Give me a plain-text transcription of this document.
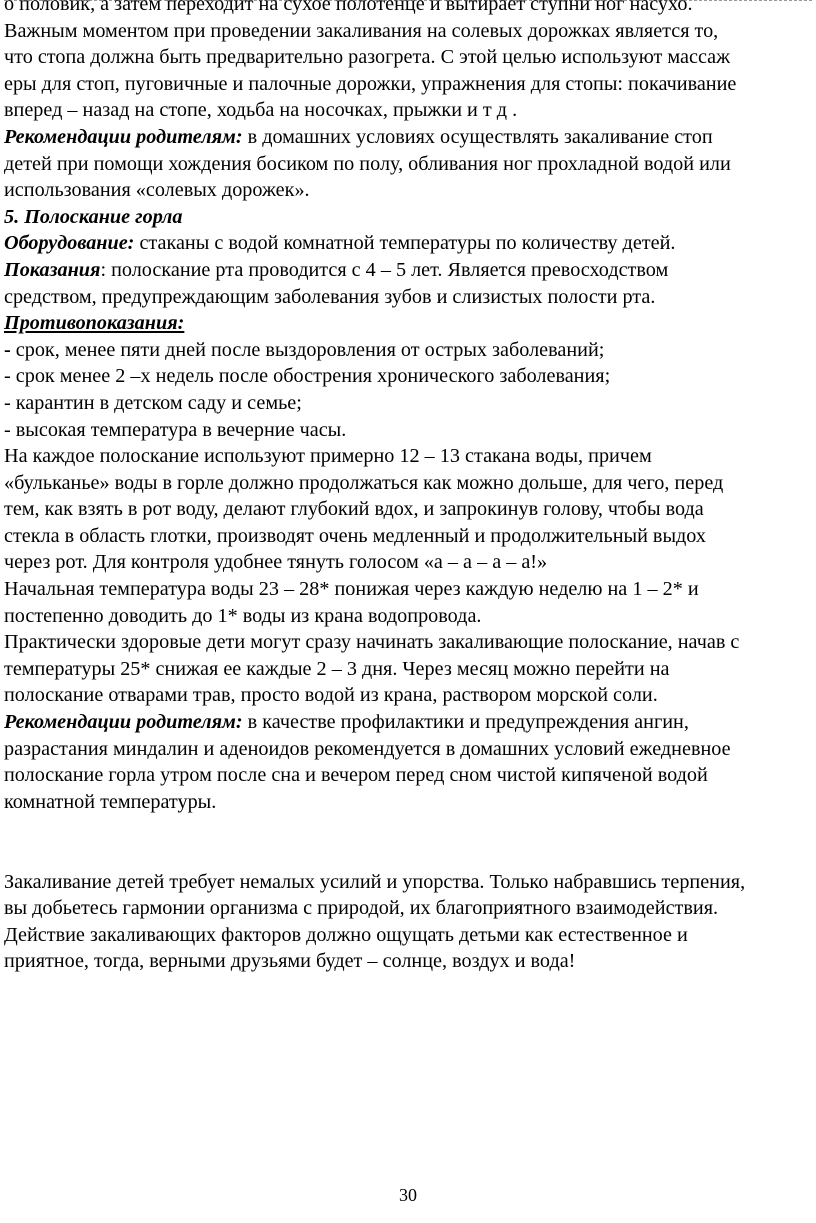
о половик, а затем переходит на сухое полотенце и вытирает ступни ног насухо.
Важным моментом при проведении закаливания на солевых дорожках является то,
что стопа должна быть предварительно разогрета. С этой целью используют массаж
еры для стоп, пуговичные и палочные дорожки, упражнения для стопы: покачивание
вперед – назад на стопе, ходьба на носочках, прыжки и т д .
Рекомендации родителям: в домашних условиях осуществлять закаливание стоп
детей при помощи хождения босиком по полу, обливания ног прохладной водой или
использования «солевых дорожек».
5. Полоскание горла
Оборудование: стаканы с водой комнатной температуры по количеству детей.
Показания: полоскание рта проводится с 4 – 5 лет. Является превосходством
средством, предупреждающим заболевания зубов и слизистых полости рта.
Противопоказания:
- срок, менее пяти дней после выздоровления от острых заболеваний;
- срок менее 2 –х недель после обострения хронического заболевания;
- карантин в детском саду и семье;
- высокая температура в вечерние часы.
На каждое полоскание используют примерно 12 – 13 стакана воды, причем
«бульканье» воды в горле должно продолжаться как можно дольше, для чего, перед
тем, как взять в рот воду, делают глубокий вдох, и запрокинув голову, чтобы вода
стекла в область глотки, производят очень медленный и продолжительный выдох
через рот. Для контроля удобнее тянуть голосом «а – а – а – а!»
Начальная температура воды 23 – 28* понижая через каждую неделю на 1 – 2* и
постепенно доводить до 1* воды из крана водопровода.
Практически здоровые дети могут сразу начинать закаливающие полоскание, начав с
температуры 25* снижая ее каждые 2 – 3 дня. Через месяц можно перейти на
полоскание отварами трав, просто водой из крана, раствором морской соли.
Рекомендации родителям: в качестве профилактики и предупреждения ангин,
разрастания миндалин и аденоидов рекомендуется в домашних условий ежедневное
полоскание горла утром после сна и вечером перед сном чистой кипяченой водой
комнатной температуры.
Закаливание детей требует немалых усилий и упорства. Только набравшись терпения,
вы добьетесь гармонии организма с природой, их благоприятного взаимодействия.
Действие закаливающих факторов должно ощущать детьми как естественное и
приятное, тогда, верными друзьями будет – солнце, воздух и вода!
30
